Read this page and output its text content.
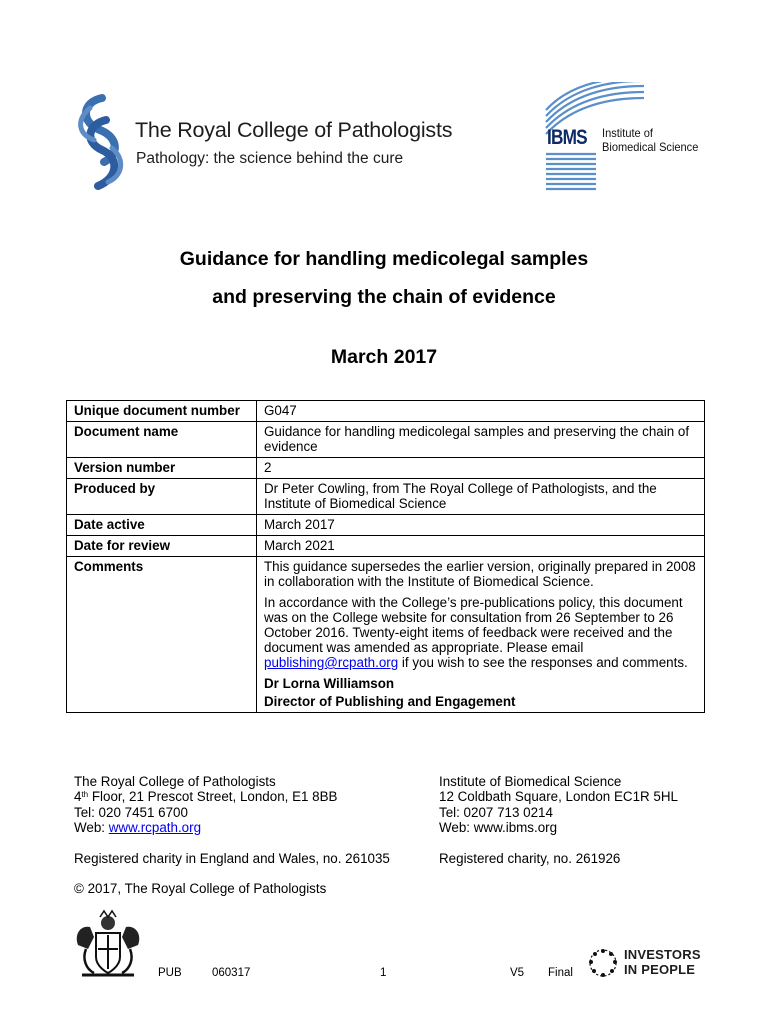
The Royal College of Pathologists
Pathology: the science behind the cure
IBMS Institute of
Biomedical Science
Guidance for handling medicolegal samples
and preserving the chain of evidence
March 2017
Unique document number	G047
Document name	Guidance for handling medicolegal samples and preserving the chain of evidence
Version number	2
Produced by	Dr Peter Cowling, from The Royal College of Pathologists, and the Institute of Biomedical Science
Date active	March 2017
Date for review	March 2021
Comments	This guidance supersedes the earlier version, originally prepared in 2008 in collaboration with the Institute of Biomedical Science.

In accordance with the College’s pre-publications policy, this document was on the College website for consultation from 26 September to 26 October 2016. Twenty-eight items of feedback were received and the document was amended as appropriate. Please email publishing@rcpath.org if you wish to see the responses and comments.

Dr Lorna Williamson

Director of Publishing and Engagement

The Royal College of Pathologists
4th Floor, 21 Prescot Street, London, E1 8BB
Tel: 020 7451 6700
Web: www.rcpath.org
Institute of Biomedical Science
12 Coldbath Square, London EC1R 5HL
Tel: 0207 713 0214
Web: www.ibms.org
Registered charity in England and Wales, no. 261035	Registered charity, no. 261926
© 2017, The Royal College of Pathologists
PUB	060317	1	V5 Final
INVESTORS
IN PEOPLE
